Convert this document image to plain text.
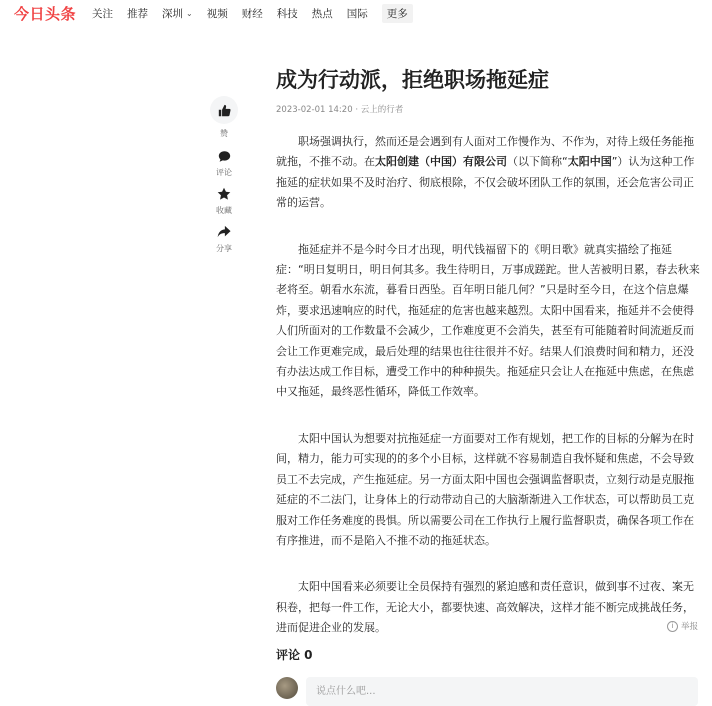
今日头条 关注 推荐 深圳 ⌄ 视频 财经 科技 热点 国际	更多
赞
评论
收藏
分享
成为行动派，拒绝职场拖延症
2023-02-01 14:20 · 云上的行者

职场强调执行，然而还是会遇到有人面对工作慢作为、不作为，对待上级任务能拖就拖，不推不动。在太阳创建（中国）有限公司（以下简称“太阳中国”）认为这种工作拖延的症状如果不及时治疗、彻底根除，不仅会破坏团队工作的氛围，还会危害公司正常的运营。

拖延症并不是今时今日才出现，明代钱福留下的《明日歌》就真实描绘了拖延症：“明日复明日，明日何其多。我生待明日，万事成蹉跎。世人苦被明日累，春去秋来老将至。朝看水东流，暮看日西坠。百年明日能几何？”只是时至今日，在这个信息爆炸，要求迅速响应的时代，拖延症的危害也越来越烈。太阳中国看来，拖延并不会使得人们所面对的工作数量不会减少，工作难度更不会消失，甚至有可能随着时间流逝反而会让工作更难完成，最后处理的结果也往往很并不好。结果人们浪费时间和精力，还没有办法达成工作目标，遭受工作中的种种损失。拖延症只会让人在拖延中焦虑，在焦虑中又拖延，最终恶性循环，降低工作效率。

太阳中国认为想要对抗拖延症一方面要对工作有规划，把工作的目标的分解为在时间，精力，能力可实现的的多个小目标，这样就不容易制造自我怀疑和焦虑，不会导致员工不去完成，产生拖延症。另一方面太阳中国也会强调监督职责，立刻行动是克服拖延症的不二法门，让身体上的行动带动自己的大脑渐渐进入工作状态，可以帮助员工克服对工作任务难度的畏惧。所以需要公司在工作执行上履行监督职责，确保各项工作在有序推进，而不是陷入不推不动的拖延状态。

太阳中国看来必须要让全员保持有强烈的紧迫感和责任意识，做到事不过夜、案无积卷，把每一件工作，无论大小，都要快速、高效解决，这样才能不断完成挑战任务，进而促进企业的发展。	i 举报
评论 0
说点什么吧...
